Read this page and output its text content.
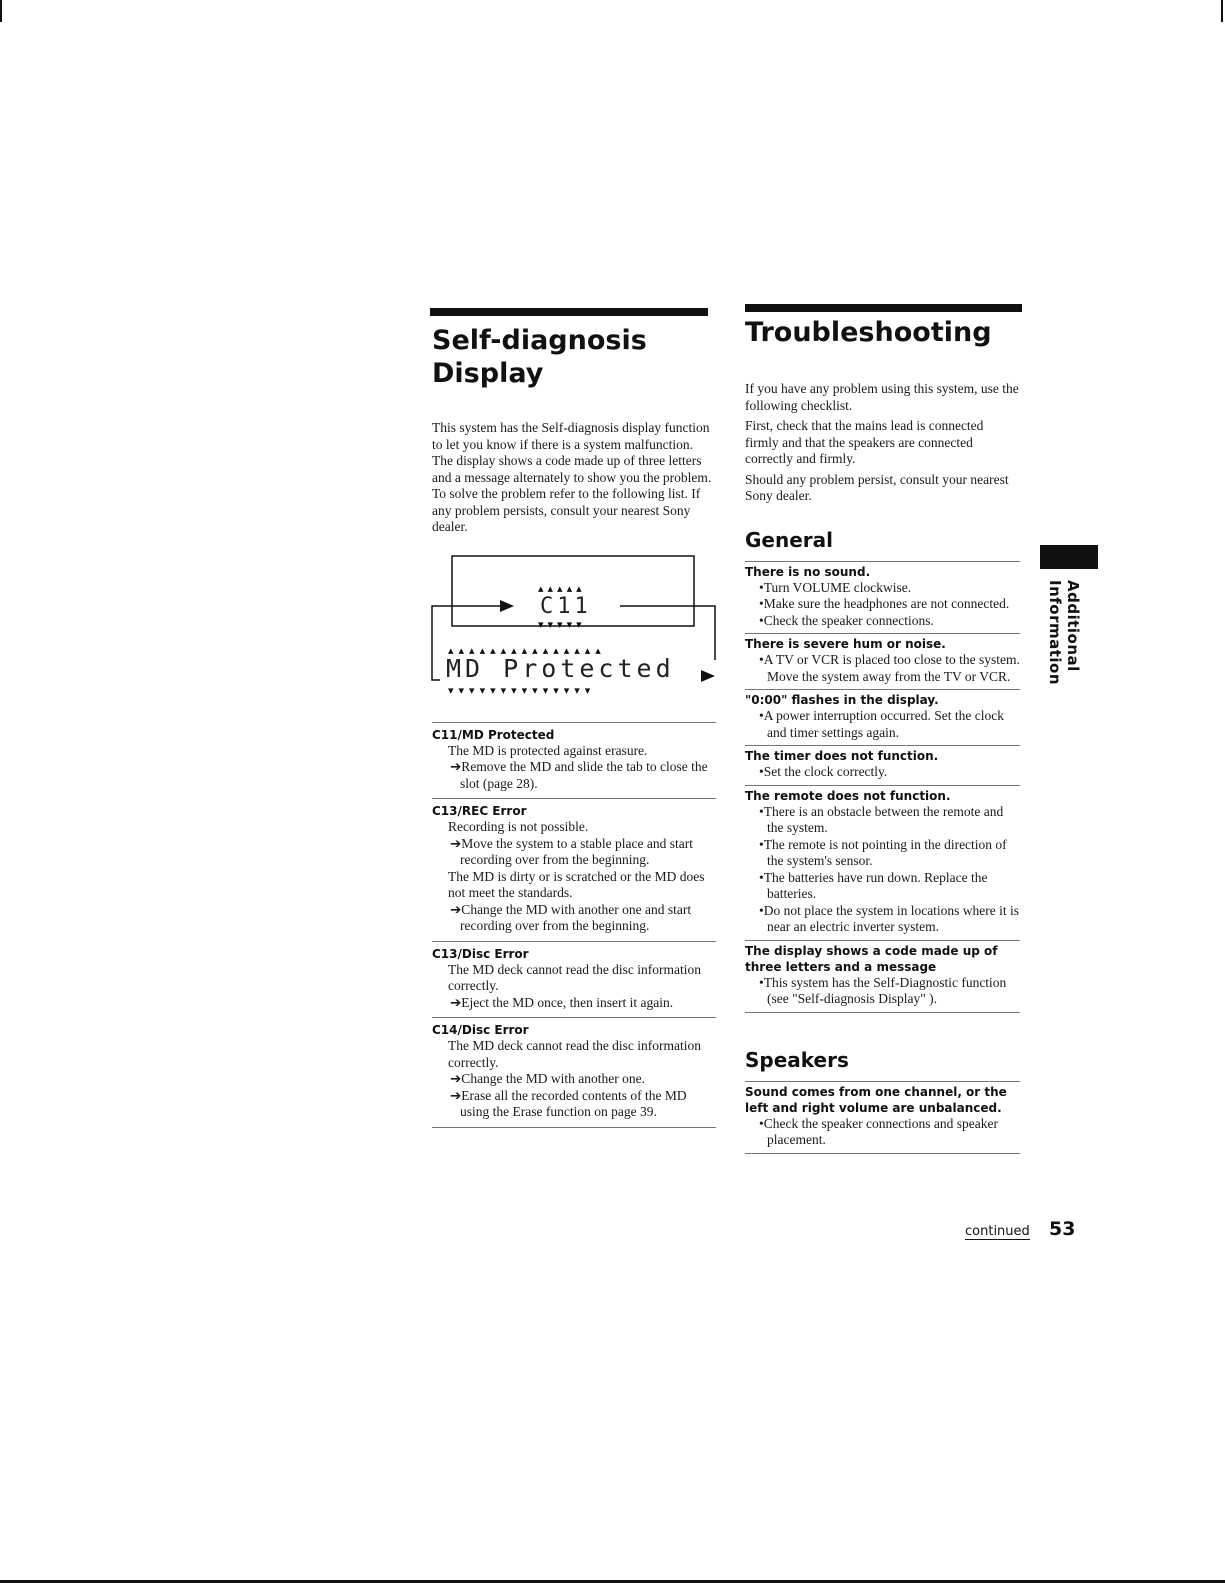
Self-diagnosis Display

This system has the Self-diagnosis display function to let you know if there is a system malfunction. The display shows a code made up of three letters and a message alternately to show you the problem. To solve the problem refer to the following list. If any problem persists, consult your nearest Sony dealer.

▴▴▴▴▴
C11
▾▾▾▾▾
▴▴▴▴▴▴▴▴▴▴▴▴▴▴▴
MD Protected
▾▾▾▾▾▾▾▾▾▾▾▾▾▾
C11/MD Protected

The MD is protected against erasure.

➔Remove the MD and slide the tab to close the slot (page 28).

C13/REC Error

Recording is not possible.

➔Move the system to a stable place and start recording over from the beginning.

The MD is dirty or is scratched or the MD does not meet the standards.

➔Change the MD with another one and start recording over from the beginning.

C13/Disc Error

The MD deck cannot read the disc information correctly.

➔Eject the MD once, then insert it again.

C14/Disc Error

The MD deck cannot read the disc information correctly.

➔Change the MD with another one.

➔Erase all the recorded contents of the MD using the Erase function on page 39.

Troubleshooting

If you have any problem using this system, use the following checklist.

First, check that the mains lead is connected firmly and that the speakers are connected correctly and firmly.

Should any problem persist, consult your nearest Sony dealer.

General
There is no sound.

•Turn VOLUME clockwise.

•Make sure the headphones are not connected.

•Check the speaker connections.

There is severe hum or noise.

•A TV or VCR is placed too close to the system. Move the system away from the TV or VCR.

"0:00" flashes in the display.

•A power interruption occurred. Set the clock and timer settings again.

The timer does not function.

•Set the clock correctly.

The remote does not function.

•There is an obstacle between the remote and the system.

•The remote is not pointing in the direction of the system's sensor.

•The batteries have run down. Replace the batteries.

•Do not place the system in locations where it is near an electric inverter system.

The display shows a code made up of three letters and a message

•This system has the Self-Diagnostic function (see "Self-diagnosis Display" ).

Speakers
Sound comes from one channel, or the left and right volume are unbalanced.

•Check the speaker connections and speaker placement.

Additional Information
continued 53
